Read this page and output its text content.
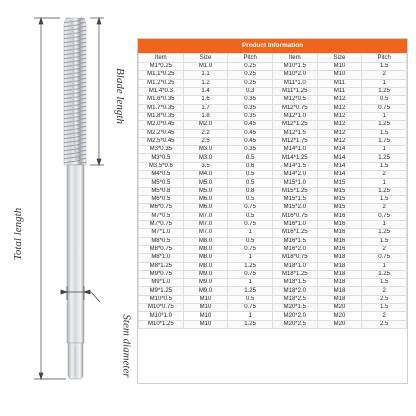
Blade length
Total length
Stem diameter
Product Information
Item	Size	Pitch	Item	Size	Pitch
M1*0.25	M1.0	0.25	M10*1.5	M10	1.5
M1.1*0.25	1.1	0.25	M10*2.0	M10	2
M1.2*0.25	1.2	0.25	M11*1.0	M11	1
M1.4*0.3	1.4	0.3	M11*1.25	M11	1.25
M1.6*0.35	1.6	0.35	M12*0.5	M12	0.5
M1.7*0.35	1.7	0.35	M12*0.75	M12	0.75
M1.8*0.35	1.8	0.35	M12*1.0	M12	1
M2.0*0.45	M2.0	0.45	M12*1.25	M12	1.25
M2.2*0.45	2.2	0.45	M12*1.5	M12	1.5
M2.5*0.45	2.5	0.45	M12*1.75	M12	1.75
M3*0.35	M3.0	0.35	M14*1.0	M14	1
M3*0.5	M3.0	0.5	M14*1.25	M14	1.25
M3.5*0.6	3.5	0.6	M14*1.5	M14	1.5
M4*0.5	M4.0	0.5	M14*2.0	M14	2
M5*0.5	M5.0	0.5	M15*1.0	M15	1
M5*0.8	M5.0	0.8	M15*1.25	M15	1.25
M6*0.5	M6.0	0.5	M15*1.5	M15	1.5
M6*0.75	M6.0	0.75	M15*2.0	M15	2
M7*0.5	M7.0	0.5	M16*0.75	M16	0.75
M7*0.75	M7.0	0.75	M16*1.0	M16	1
M7*1.0	M7.0	1	M16*1.25	M16	1.25
M8*0.5	M8.0	0.5	M16*1.5	M16	1.5
M8*0.75	M8.0	0.75	M16*2.0	M16	2
M8*1.0	M8.0	1	M18*0.75	M18	0.75
M8*1.25	M8.0	1.25	M18*1.0	M18	1
M9*0.75	M9.0	0.75	M18*1.25	M18	1.25
M9*1.0	M9.0	1	M18*1.5	M18	1.5
M9*1.25	M9.0	1.25	M18*2.0	M18	2
M10*0.5	M10	0.5	M18*2.5	M18	2.5
M10*0.75	M10	0.75	M20*1.5	M20	1.5
M10*1.0	M10	1	M20*2.0	M20	2
M10*1.25	M10	1.25	M20*2.5	M20	2.5
